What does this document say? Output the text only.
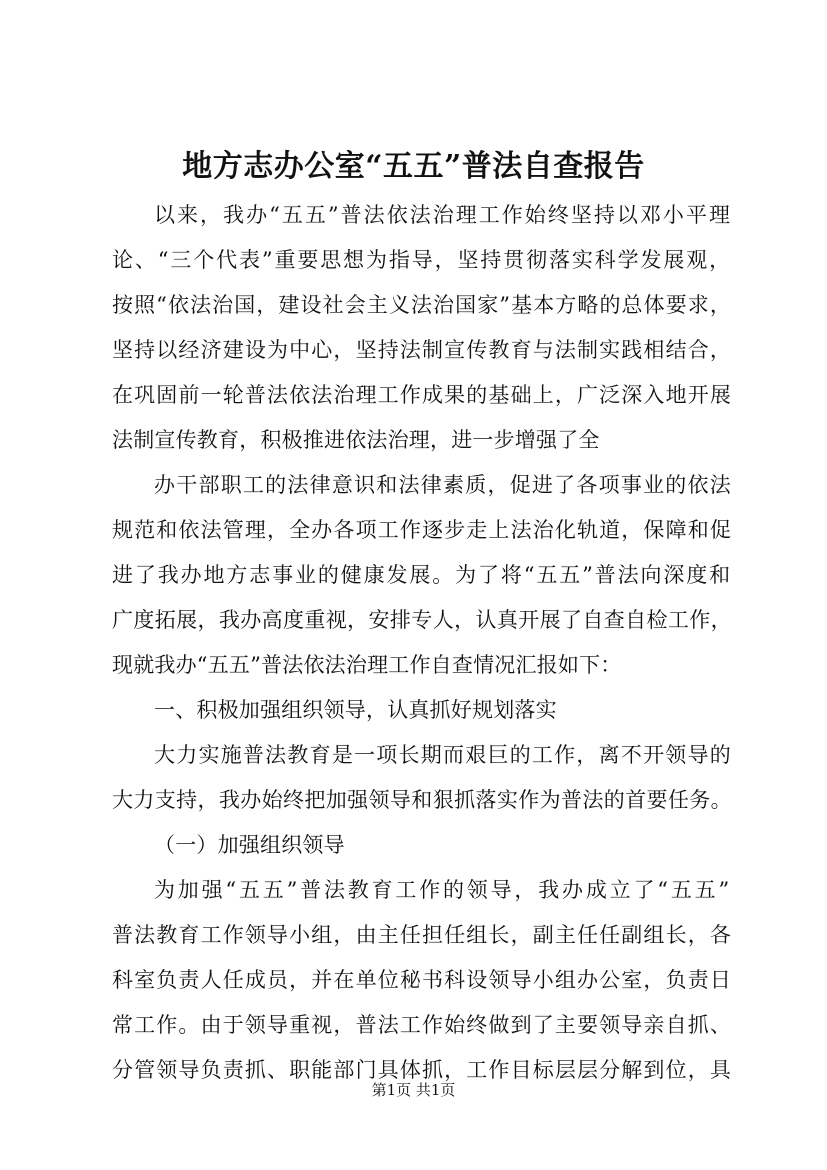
地方志办公室“五五”普法自查报告
以来，我办“五五”普法依法治理工作始终坚持以邓小平理
论、“三个代表”重要思想为指导，坚持贯彻落实科学发展观，
按照“依法治国，建设社会主义法治国家”基本方略的总体要求，
坚持以经济建设为中心，坚持法制宣传教育与法制实践相结合，
在巩固前一轮普法依法治理工作成果的基础上，广泛深入地开展
法制宣传教育，积极推进依法治理，进一步增强了全
办干部职工的法律意识和法律素质，促进了各项事业的依法
规范和依法管理，全办各项工作逐步走上法治化轨道，保障和促
进了我办地方志事业的健康发展。为了将“五五”普法向深度和
广度拓展，我办高度重视，安排专人，认真开展了自查自检工作，
现就我办“五五”普法依法治理工作自查情况汇报如下：
一、积极加强组织领导，认真抓好规划落实
大力实施普法教育是一项长期而艰巨的工作，离不开领导的
大力支持，我办始终把加强领导和狠抓落实作为普法的首要任务。
（一）加强组织领导
为加强“五五”普法教育工作的领导，我办成立了“五五”
普法教育工作领导小组，由主任担任组长，副主任任副组长，各
科室负责人任成员，并在单位秘书科设领导小组办公室，负责日
常工作。由于领导重视，普法工作始终做到了主要领导亲自抓、
分管领导负责抓、职能部门具体抓，工作目标层层分解到位，具
第1页 共1页
